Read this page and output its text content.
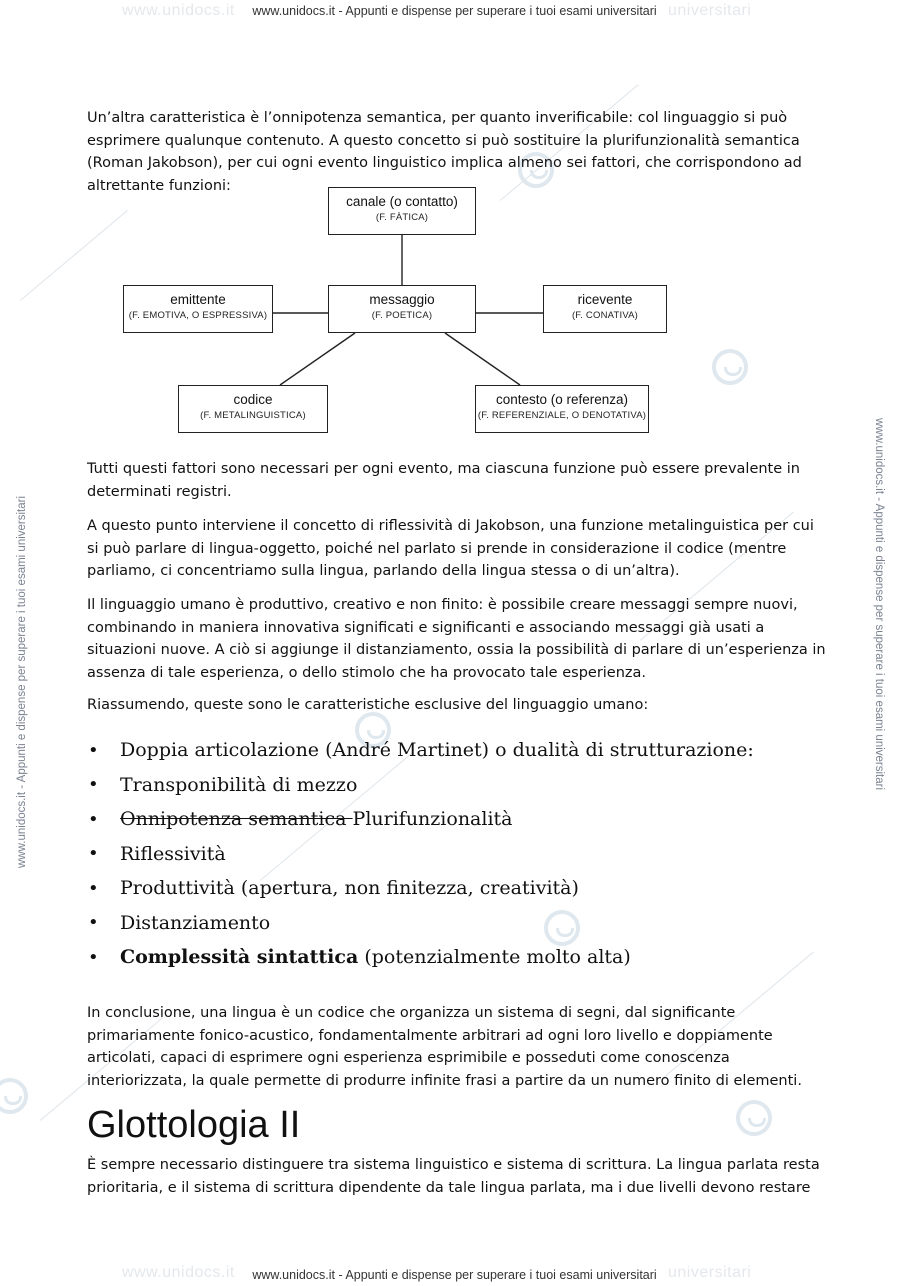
www.unidocs.it	universitari
www.unidocs.it	universitari
www.unidocs.it - Appunti e dispense per superare i tuoi esami universitari
www.unidocs.it - Appunti e dispense per superare i tuoi esami universitari
www.unidocs.it - Appunti e dispense per superare i tuoi esami universitari	www.unidocs.it - Appunti e dispense per superare i tuoi esami universitari
Un’altra caratteristica è l’onnipotenza semantica, per quanto inverificabile: col linguaggio si può esprimere qualunque contenuto. A questo concetto si può sostituire la plurifunzionalità semantica (Roman Jakobson), per cui ogni evento linguistico implica almeno sei fattori, che corrispondono ad altrettante funzioni:
canale (o contatto)
(F. FÀTICA)
emittente
(F. EMOTIVA, O ESPRESSIVA)
messaggio
(F. POETICA)
ricevente
(F. CONATIVA)
codice
(F. METALINGUISTICA)
contesto (o referenza)
(F. REFERENZIALE, O DENOTATIVA)
Tutti questi fattori sono necessari per ogni evento, ma ciascuna funzione può essere prevalente in determinati registri.
A questo punto interviene il concetto di riflessività di Jakobson, una funzione metalinguistica per cui si può parlare di lingua-oggetto, poiché nel parlato si prende in considerazione il codice (mentre parliamo, ci concentriamo sulla lingua, parlando della lingua stessa o di un’altra).
Il linguaggio umano è produttivo, creativo e non finito: è possibile creare messaggi sempre nuovi, combinando in maniera innovativa significati e significanti e associando messaggi già usati a situazioni nuove. A ciò si aggiunge il distanziamento, ossia la possibilità di parlare di un’esperienza in assenza di tale esperienza, o dello stimolo che ha provocato tale esperienza.
Riassumendo, queste sono le caratteristiche esclusive del linguaggio umano:
•	Doppia articolazione (André Martinet) o dualità di strutturazione:
•	Transponibilità di mezzo
•	Onnipotenza semantica Plurifunzionalità
•	Riflessività
•	Produttività (apertura, non finitezza, creatività)
•	Distanziamento
•	Complessità sintattica (potenzialmente molto alta)
In conclusione, una lingua è un codice che organizza un sistema di segni, dal significante primariamente fonico-acustico, fondamentalmente arbitrari ad ogni loro livello e doppiamente articolati, capaci di esprimere ogni esperienza esprimibile e posseduti come conoscenza interiorizzata, la quale permette di produrre infinite frasi a partire da un numero finito di elementi.
Glottologia II
È sempre necessario distinguere tra sistema linguistico e sistema di scrittura. La lingua parlata resta prioritaria, e il sistema di scrittura dipendente da tale lingua parlata, ma i due livelli devono restare
